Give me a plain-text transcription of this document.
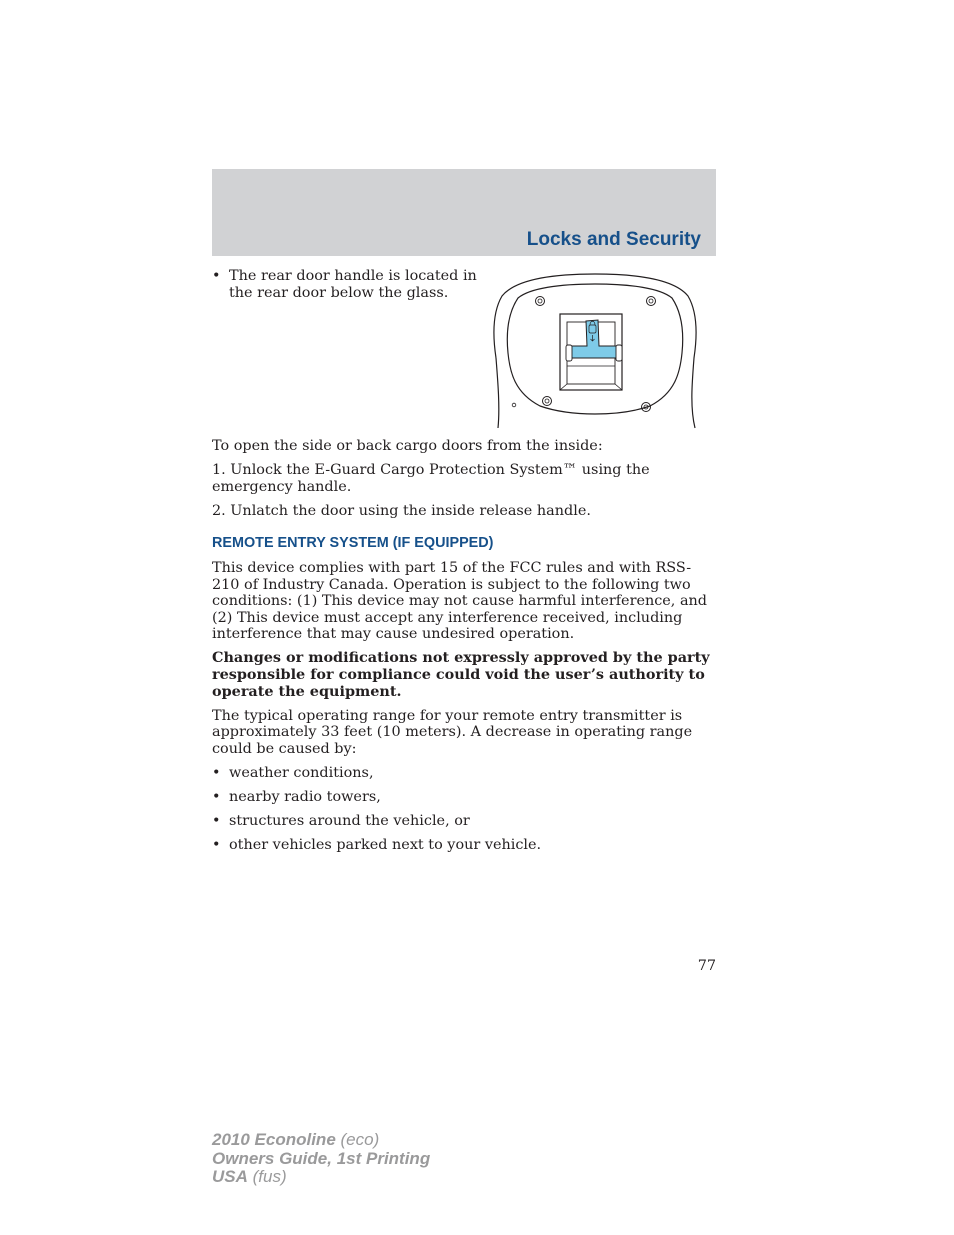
Locks and Security
• The rear door handle is located in the rear door below the glass.

To open the side or back cargo doors from the inside:

1. Unlock the E-Guard Cargo Protection System™ using the emergency handle.

2. Unlatch the door using the inside release handle.

REMOTE ENTRY SYSTEM (IF EQUIPPED)

This device complies with part 15 of the FCC rules and with RSS-210 of Industry Canada. Operation is subject to the following two conditions: (1) This device may not cause harmful interference, and (2) This device must accept any interference received, including interference that may cause undesired operation.

Changes or modifications not expressly approved by the party responsible for compliance could void the user’s authority to operate the equipment.

The typical operating range for your remote entry transmitter is approximately 33 feet (10 meters). A decrease in operating range could be caused by:

• weather conditions,
• nearby radio towers,
• structures around the vehicle, or
• other vehicles parked next to your vehicle.
77
2010 Econoline (eco)
Owners Guide, 1st Printing
USA (fus)
